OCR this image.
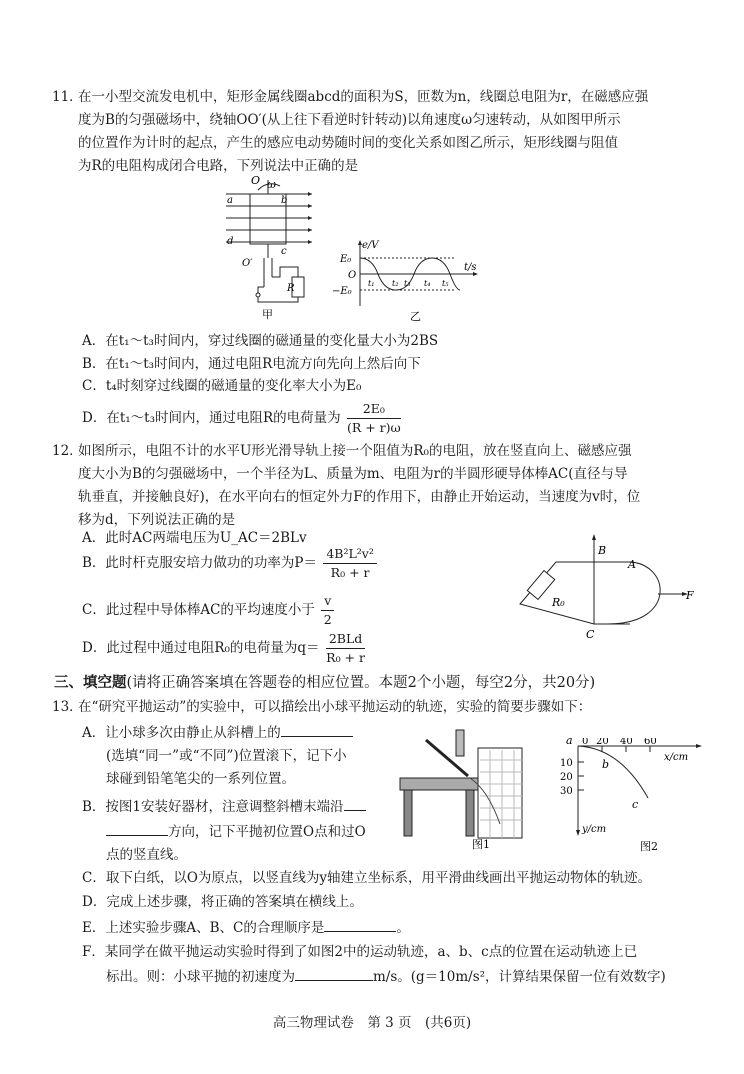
11．
在一小型交流发电机中，矩形金属线圈abcd的面积为S，匝数为n，线圈总电阻为r，在磁感应强
度为B的匀强磁场中，绕轴OO′(从上往下看逆时针转动)以角速度ω匀速转动，从如图甲所示
的位置作为计时的起点，产生的感应电动势随时间的变化关系如图乙所示，矩形线圈与阻值
为R的电阻构成闭合电路，下列说法中正确的是
O ω
a	b
c
d
O′
R
甲
e/V
t/s
E₀
O
−E₀
t₁ t₂ t₃ t₄ t₅
乙
A．在t₁～t₃时间内，穿过线圈的磁通量的变化量大小为2BS
B．在t₁～t₃时间内，通过电阻R电流方向先向上然后向下
C．t₄时刻穿过线圈的磁通量的变化率大小为E₀
D．在t₁～t₃时间内，通过电阻R的电荷量为 $\frac{\text{2E₀}}{(R + r)\omega}$
12．
如图所示，电阻不计的水平U形光滑导轨上接一个阻值为R₀的电阻，放在竖直向上、磁感应强
度大小为B的匀强磁场中，一个半径为L、质量为m、电阻为r的半圆形硬导体棒AC(直径与导
轨垂直，并接触良好)，在水平向右的恒定外力F的作用下，由静止开始运动，当速度为v时，位
移为d，下列说法正确的是
A．此时AC两端电压为U_AC＝2BLv
B．此时杆克服安培力做功的功率为$P= \frac{\text{4B²L²v²}}{\text{R₀ + r}}$
C．此过程中导体棒AC的平均速度小于 $\frac{v}{2}$
D．此过程中通过电阻R₀的电荷量为$q= \frac{\text{2BLd}}{\text{R₀ + r}}$
B
A
C
F
R₀
三、填空题(请将正确答案填在答题卷的相应位置。本题2个小题，每空2分，共20分)
13．
在“研究平抛运动”的实验中，可以描绘出小球平抛运动的轨迹，实验的简要步骤如下：
A．让小球多次由静止从斜槽上的
(选填“同一”或“不同”)位置滚下，记下小
球碰到铅笔笔尖的一系列位置。
B．按图1安装好器材，注意调整斜槽末端沿
方向，记下平抛初位置O点和过O
点的竖直线。
图1
a 0 20 40 60
x/cm
10
20
30
b
c
y/cm
图2
C．取下白纸，以O为原点，以竖直线为y轴建立坐标系，用平滑曲线画出平抛运动物体的轨迹。
D．完成上述步骤，将正确的答案填在横线上。
E．上述实验步骤A、B、C的合理顺序是	。
F．某同学在做平抛运动实验时得到了如图2中的运动轨迹，a、b、c点的位置在运动轨迹上已
标出。则：小球平抛的初速度为	m/s。(g＝10m/s²，计算结果保留一位有效数字)
高三物理试卷　第 3 页　(共6页)
